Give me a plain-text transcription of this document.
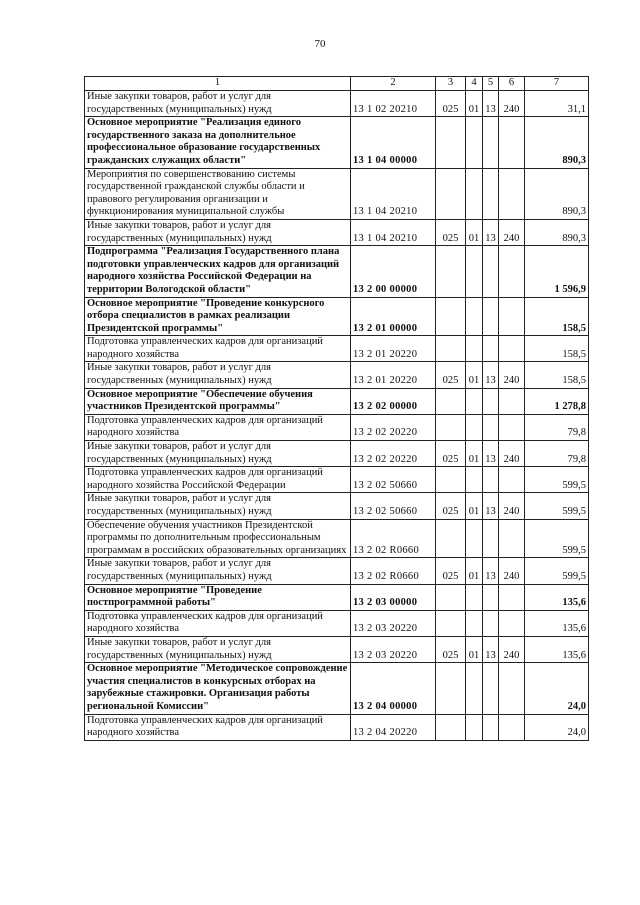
70
1	2	3	4	5	6	7
Иные закупки товаров, работ и услуг для государственных (муниципальных) нужд	13 1 02 20210	025	01	13	240	31,1
Основное мероприятие "Реализация единого государственного заказа на дополнительное профессиональное образование государственных гражданских служащих области"	13 1 04 00000					890,3
Мероприятия по совершенствованию системы государственной гражданской службы области и правового регулирования организации и функционирования муниципальной службы	13 1 04 20210					890,3
Иные закупки товаров, работ и услуг для государственных (муниципальных) нужд	13 1 04 20210	025	01	13	240	890,3
Подпрограмма "Реализация Государственного плана подготовки управленческих кадров для организаций народного хозяйства Российской Федерации на территории Вологодской области"	13 2 00 00000					1 596,9
Основное мероприятие "Проведение конкурсного отбора специалистов в рамках реализации Президентской программы"	13 2 01 00000					158,5
Подготовка управленческих кадров для организаций народного хозяйства	13 2 01 20220					158,5
Иные закупки товаров, работ и услуг для государственных (муниципальных) нужд	13 2 01 20220	025	01	13	240	158,5
Основное мероприятие "Обеспечение обучения участников Президентской программы"	13 2 02 00000					1 278,8
Подготовка управленческих кадров для организаций народного хозяйства	13 2 02 20220					79,8
Иные закупки товаров, работ и услуг для государственных (муниципальных) нужд	13 2 02 20220	025	01	13	240	79,8
Подготовка управленческих кадров для организаций народного хозяйства Российской Федерации	13 2 02 50660					599,5
Иные закупки товаров, работ и услуг для государственных (муниципальных) нужд	13 2 02 50660	025	01	13	240	599,5
Обеспечение обучения участников Президентской программы по дополнительным профессиональным программам в российских образовательных организациях	13 2 02 R0660					599,5
Иные закупки товаров, работ и услуг для государственных (муниципальных) нужд	13 2 02 R0660	025	01	13	240	599,5
Основное мероприятие "Проведение постпрограммной работы"	13 2 03 00000					135,6
Подготовка управленческих кадров для организаций народного хозяйства	13 2 03 20220					135,6
Иные закупки товаров, работ и услуг для государственных (муниципальных) нужд	13 2 03 20220	025	01	13	240	135,6
Основное мероприятие "Методическое сопровождение участия специалистов в конкурсных отборах на зарубежные стажировки. Организация работы региональной Комиссии"	13 2 04 00000					24,0
Подготовка управленческих кадров для организаций народного хозяйства	13 2 04 20220					24,0
